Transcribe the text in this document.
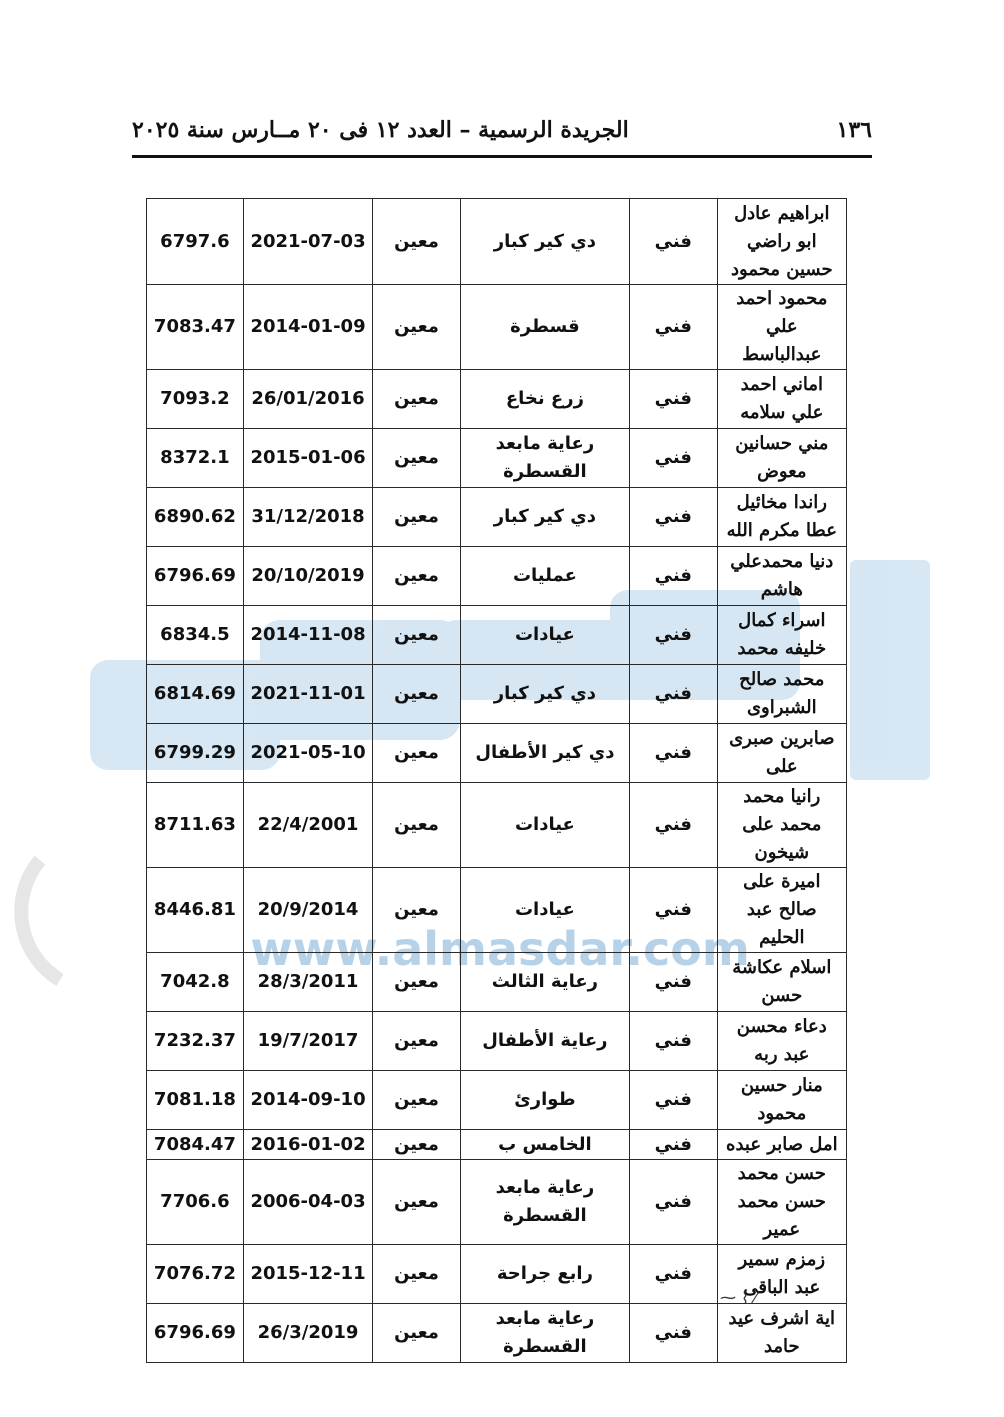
١٣٦
الجريدة الرسمية – العدد ١٢ فى ٢٠ مــارس سنة ٢٠٢٥
www.almasdar.com
ابراهيم عادل ابو راضي حسين محمود	فني	دي كير كبار	معين	2021-07-03	6797.6
محمود احمد علي عبدالباسط	فني	قسطرة	معين	2014-01-09	7083.47
اماني احمد علي سلامه	فني	زرع نخاع	معين	26/01/2016	7093.2
مني حسانين معوض	فني	رعاية مابعد القسطرة	معين	2015-01-06	8372.1
راندا مخائيل عطا مكرم الله	فني	دي كير كبار	معين	31/12/2018	6890.62
دنيا محمدعلي هاشم	فني	عمليات	معين	20/10/2019	6796.69
اسراء كمال خليفه محمد	فني	عيادات	معين	2014-11-08	6834.5
محمد صالح الشبراوى	فني	دي كير كبار	معين	2021-11-01	6814.69
صابرين صبرى على	فني	دي كير الأطفال	معين	2021-05-10	6799.29
رانيا محمد محمد على شيخون	فني	عيادات	معين	22/4/2001	8711.63
اميرة على صالح عبد الحليم	فني	عيادات	معين	20/9/2014	8446.81
اسلام عكاشة حسن	فني	رعاية الثالث	معين	28/3/2011	7042.8
دعاء محسن عبد ربه	فني	رعاية الأطفال	معين	19/7/2017	7232.37
منار حسين محمود	فني	طوارئ	معين	2014-09-10	7081.18
امل صابر عبده	فني	الخامس ب	معين	2016-01-02	7084.47
حسن محمد حسن محمد عمير	فني	رعاية مابعد القسطرة	معين	2006-04-03	7706.6
زمزم سمير عبد الباقى	فني	رابع جراحة	معين	2015-12-11	7076.72
اية اشرف عيد حامد	فني	رعاية مابعد القسطرة	معين	26/3/2019	6796.69
⁓ ⌇ ⁄
